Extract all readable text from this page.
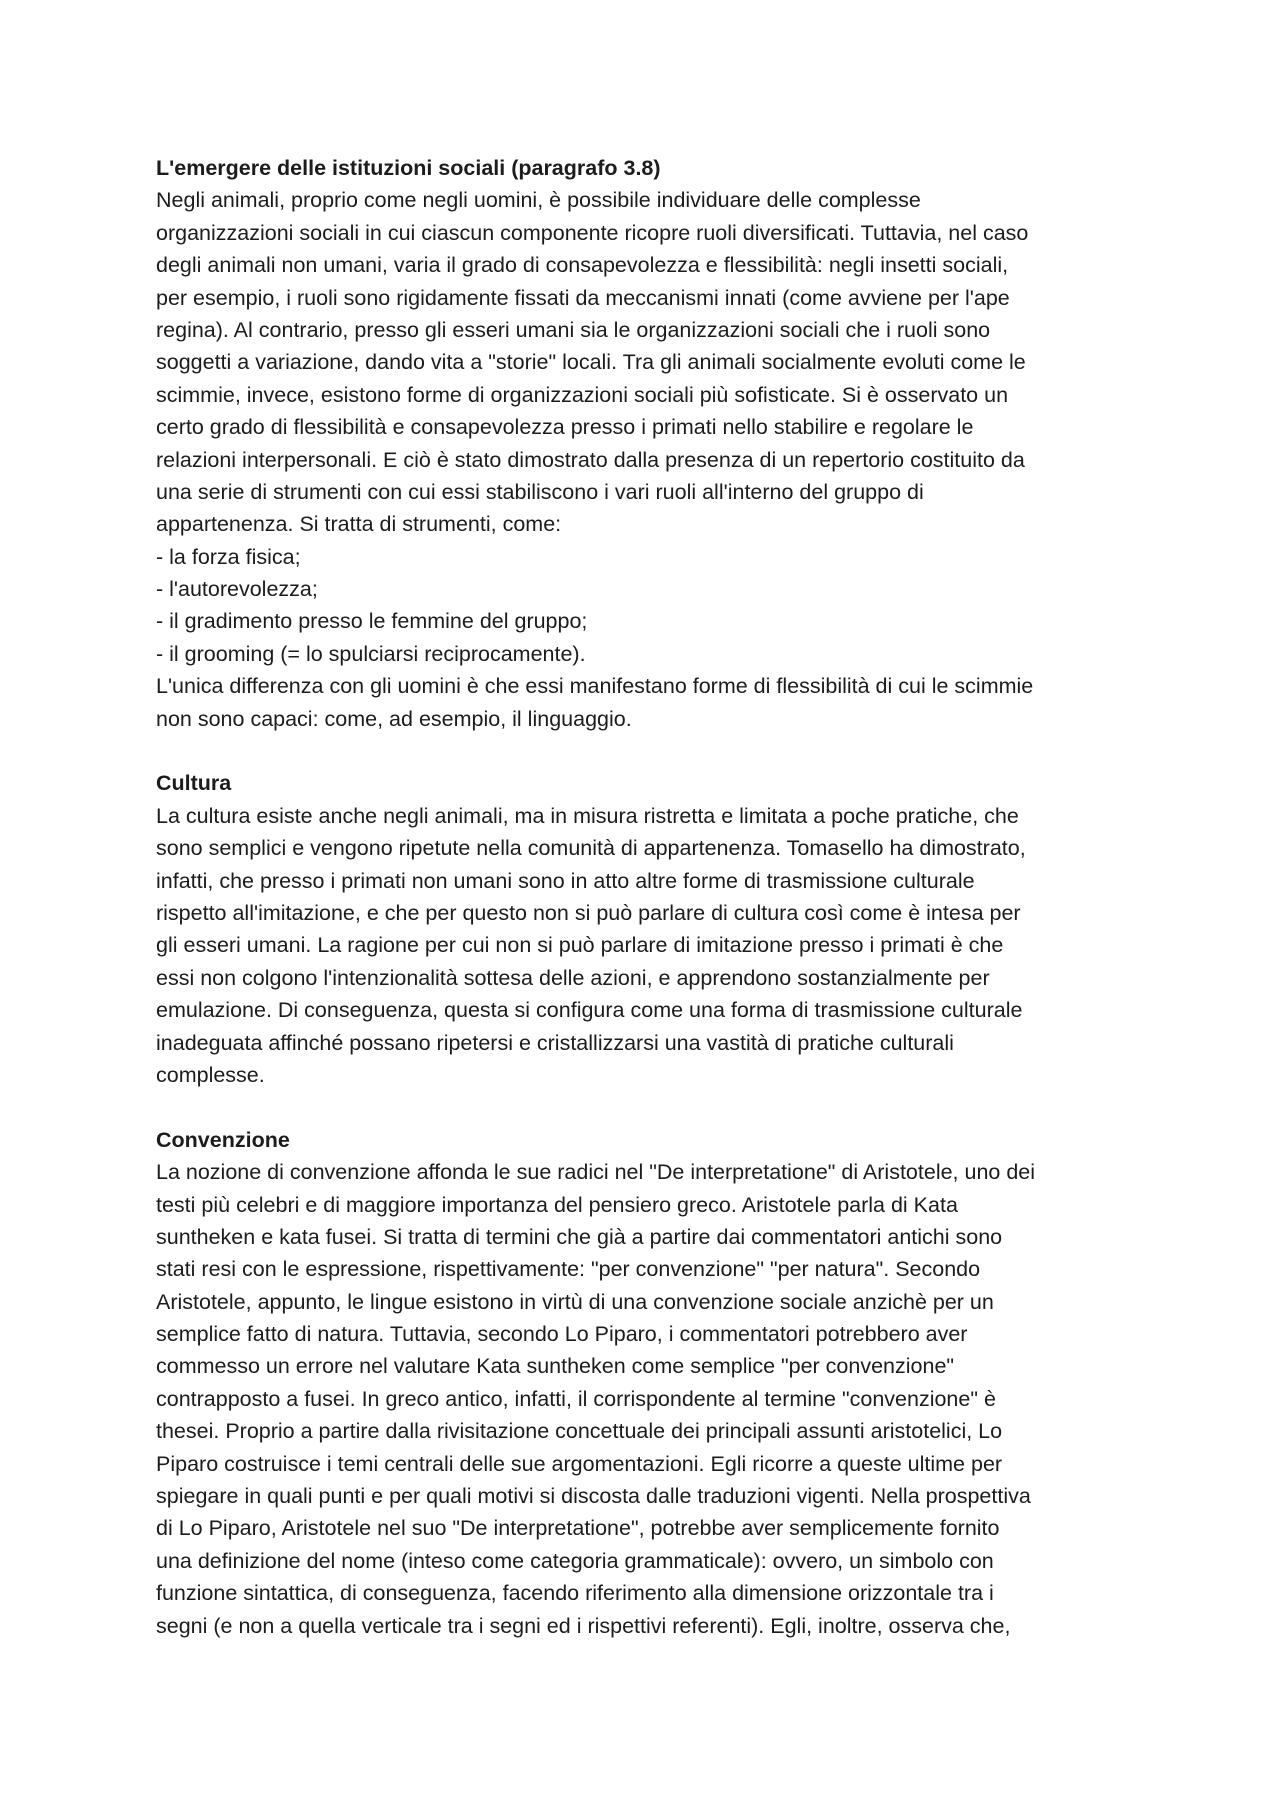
L'emergere delle istituzioni sociali (paragrafo 3.8)
Negli animali, proprio come negli uomini, è possibile individuare delle complesse
organizzazioni sociali in cui ciascun componente ricopre ruoli diversificati. Tuttavia, nel caso
degli animali non umani, varia il grado di consapevolezza e flessibilità: negli insetti sociali,
per esempio, i ruoli sono rigidamente fissati da meccanismi innati (come avviene per l'ape
regina). Al contrario, presso gli esseri umani sia le organizzazioni sociali che i ruoli sono
soggetti a variazione, dando vita a "storie" locali. Tra gli animali socialmente evoluti come le
scimmie, invece, esistono forme di organizzazioni sociali più sofisticate. Si è osservato un
certo grado di flessibilità e consapevolezza presso i primati nello stabilire e regolare le
relazioni interpersonali. E ciò è stato dimostrato dalla presenza di un repertorio costituito da
una serie di strumenti con cui essi stabiliscono i vari ruoli all'interno del gruppo di
appartenenza. Si tratta di strumenti, come:
- la forza fisica;
- l'autorevolezza;
- il gradimento presso le femmine del gruppo;
- il grooming (= lo spulciarsi reciprocamente).
L'unica differenza con gli uomini è che essi manifestano forme di flessibilità di cui le scimmie
non sono capaci: come, ad esempio, il linguaggio.
Cultura
La cultura esiste anche negli animali, ma in misura ristretta e limitata a poche pratiche, che
sono semplici e vengono ripetute nella comunità di appartenenza. Tomasello ha dimostrato,
infatti, che presso i primati non umani sono in atto altre forme di trasmissione culturale
rispetto all'imitazione, e che per questo non si può parlare di cultura così come è intesa per
gli esseri umani. La ragione per cui non si può parlare di imitazione presso i primati è che
essi non colgono l'intenzionalità sottesa delle azioni, e apprendono sostanzialmente per
emulazione. Di conseguenza, questa si configura come una forma di trasmissione culturale
inadeguata affinché possano ripetersi e cristallizzarsi una vastità di pratiche culturali
complesse.
Convenzione
La nozione di convenzione affonda le sue radici nel "De interpretatione" di Aristotele, uno dei
testi più celebri e di maggiore importanza del pensiero greco. Aristotele parla di Kata
suntheken e kata fusei. Si tratta di termini che già a partire dai commentatori antichi sono
stati resi con le espressione, rispettivamente: "per convenzione" "per natura". Secondo
Aristotele, appunto, le lingue esistono in virtù di una convenzione sociale anzichè per un
semplice fatto di natura. Tuttavia, secondo Lo Piparo, i commentatori potrebbero aver
commesso un errore nel valutare Kata suntheken come semplice "per convenzione"
contrapposto a fusei. In greco antico, infatti, il corrispondente al termine "convenzione" è
thesei. Proprio a partire dalla rivisitazione concettuale dei principali assunti aristotelici, Lo
Piparo costruisce i temi centrali delle sue argomentazioni. Egli ricorre a queste ultime per
spiegare in quali punti e per quali motivi si discosta dalle traduzioni vigenti. Nella prospettiva
di Lo Piparo, Aristotele nel suo "De interpretatione", potrebbe aver semplicemente fornito
una definizione del nome (inteso come categoria grammaticale): ovvero, un simbolo con
funzione sintattica, di conseguenza, facendo riferimento alla dimensione orizzontale tra i
segni (e non a quella verticale tra i segni ed i rispettivi referenti). Egli, inoltre, osserva che,
